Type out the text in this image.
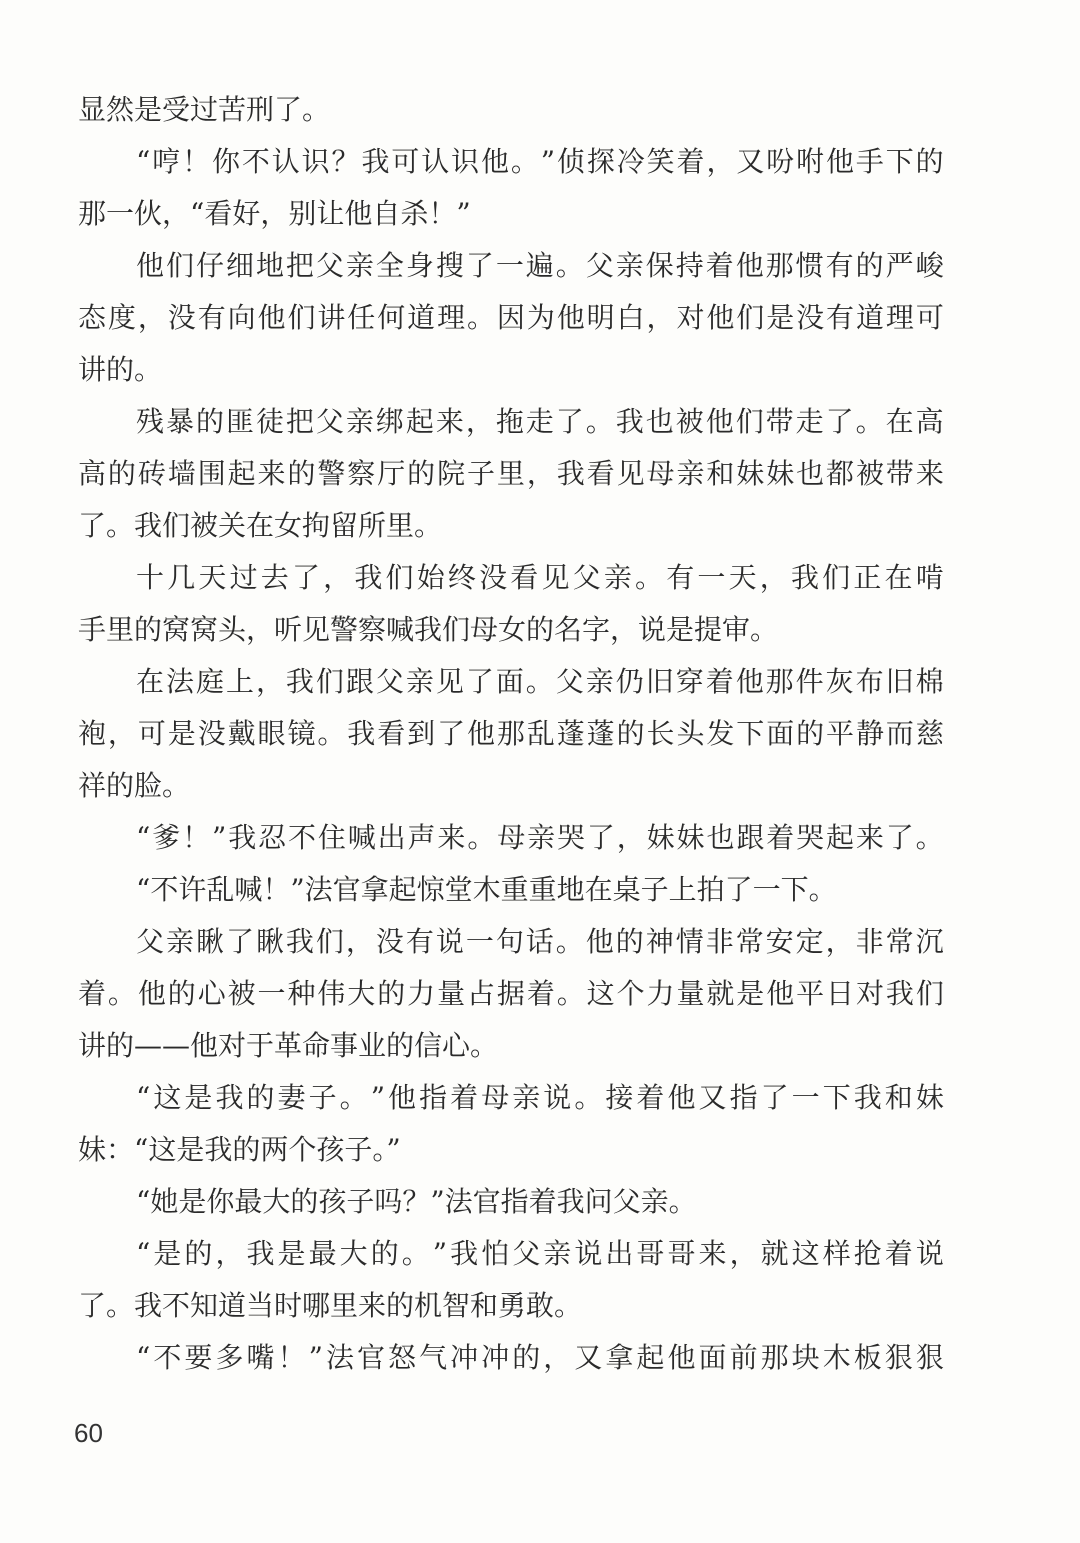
显然是受过苦刑了。
“ 哼 ！ 你 不 认 识 ？ 我 可 认 识 他 。 ” 侦 探 冷 笑 着 ， 又 吩 咐 他 手 下 的
那一伙，“看好，别让他自杀！”
他 们 仔 细 地 把 父 亲 全 身 搜 了 一 遍 。 父 亲 保 持 着 他 那 惯 有 的 严 峻
态 度 ， 没 有 向 他 们 讲 任 何 道 理 。 因 为 他 明 白 ， 对 他 们 是 没 有 道 理 可
讲的。
残 暴 的 匪 徒 把 父 亲 绑 起 来 ， 拖 走 了 。 我 也 被 他 们 带 走 了 。 在 高
高 的 砖 墙 围 起 来 的 警 察 厅 的 院 子 里 ， 我 看 见 母 亲 和 妹 妹 也 都 被 带 来
了。我们被关在女拘留所里。
十 几 天 过 去 了 ， 我 们 始 终 没 看 见 父 亲 。 有 一 天 ， 我 们 正 在 啃
手里的窝窝头，听见警察喊我们母女的名字，说是提审。
在 法 庭 上 ， 我 们 跟 父 亲 见 了 面 。 父 亲 仍 旧 穿 着 他 那 件 灰 布 旧 棉
袍 ， 可 是 没 戴 眼 镜 。 我 看 到 了 他 那 乱 蓬 蓬 的 长 头 发 下 面 的 平 静 而 慈
祥的脸。
“ 爹 ！ ” 我 忍 不 住 喊 出 声 来 。 母 亲 哭 了 ， 妹 妹 也 跟 着 哭 起 来 了 。
“不许乱喊！”法官拿起惊堂木重重地在桌子上拍了一下。
父 亲 瞅 了 瞅 我 们 ， 没 有 说 一 句 话 。 他 的 神 情 非 常 安 定 ， 非 常 沉
着 。 他 的 心 被 一 种 伟 大 的 力 量 占 据 着 。 这 个 力 量 就 是 他 平 日 对 我 们
讲的——他对于革命事业的信心。
“ 这 是 我 的 妻 子 。 ” 他 指 着 母 亲 说 。 接 着 他 又 指 了 一 下 我 和 妹
妹：“这是我的两个孩子。”
“她是你最大的孩子吗？”法官指着我问父亲。
“ 是 的 ， 我 是 最 大 的 。 ” 我 怕 父 亲 说 出 哥 哥 来 ， 就 这 样 抢 着 说
了。我不知道当时哪里来的机智和勇敢。
“ 不 要 多 嘴 ！ ” 法 官 怒 气 冲 冲 的 ， 又 拿 起 他 面 前 那 块 木 板 狠 狠
60
